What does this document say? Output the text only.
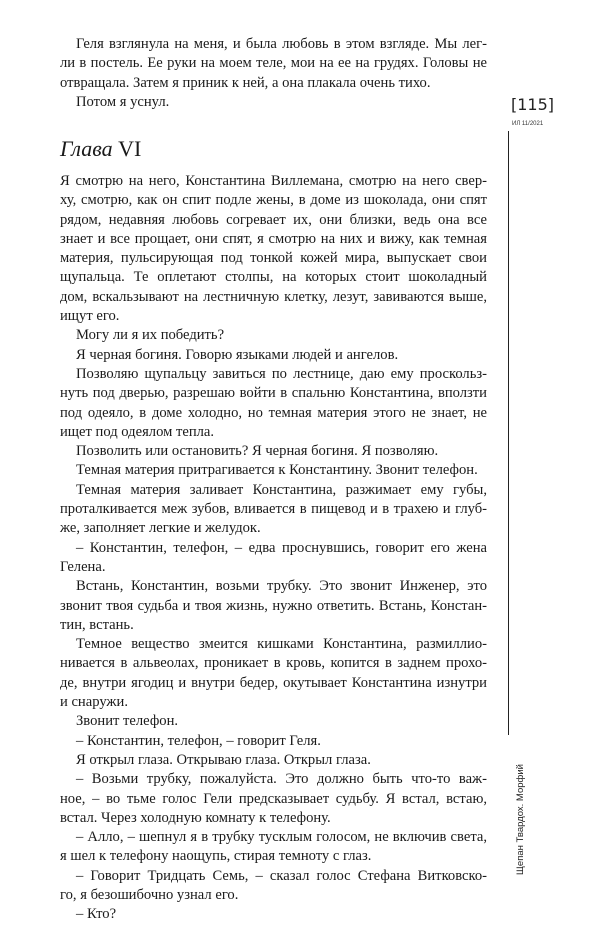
Геля взглянула на меня, и была любовь в этом взгляде. Мы лег-
ли в постель. Ее руки на моем теле, мои на ее на грудях. Головы не
отвращала. Затем я приник к ней, а она плакала очень тихо.
Потом я уснул.
Глава VI
Я смотрю на него, Константина Виллемана, смотрю на него свер-
ху, смотрю, как он спит подле жены, в доме из шоколада, они спят
рядом, недавняя любовь согревает их, они близки, ведь она все
знает и все прощает, они спят, я смотрю на них и вижу, как темная
материя, пульсирующая под тонкой кожей мира, выпускает свои
щупальца. Те оплетают столпы, на которых стоит шоколадный
дом, вскальзывают на лестничную клетку, лезут, завиваются выше,
ищут его.
Могу ли я их победить?
Я черная богиня. Говорю языками людей и ангелов.
Позволяю щупальцу завиться по лестнице, даю ему проскольз-
нуть под дверью, разрешаю войти в спальню Константина, вползти
под одеяло, в доме холодно, но темная материя этого не знает, не
ищет под одеялом тепла.
Позволить или остановить? Я черная богиня. Я позволяю.
Темная материя притрагивается к Константину. Звонит телефон.
Темная материя заливает Константина, разжимает ему губы,
проталкивается меж зубов, вливается в пищевод и в трахею и глуб-
же, заполняет легкие и желудок.
– Константин, телефон, – едва проснувшись, говорит его жена
Гелена.
Встань, Константин, возьми трубку. Это звонит Инженер, это
звонит твоя судьба и твоя жизнь, нужно ответить. Встань, Констан-
тин, встань.
Темное вещество змеится кишками Константина, размиллио-
нивается в альвеолах, проникает в кровь, копится в заднем прохо-
де, внутри ягодиц и внутри бедер, окутывает Константина изнутри
и снаружи.
Звонит телефон.
– Константин, телефон, – говорит Геля.
Я открыл глаза. Открываю глаза. Открыл глаза.
– Возьми трубку, пожалуйста. Это должно быть что-то важ-
ное, – во тьме голос Гели предсказывает судьбу. Я встал, встаю,
встал. Через холодную комнату к телефону.
– Алло, – шепнул я в трубку тусклым голосом, не включив света,
я шел к телефону наощупь, стирая темноту с глаз.
– Говорит Тридцать Семь, – сказал голос Стефана Витковско-
го, я безошибочно узнал его.
– Кто?
[115]
ИЛ 11/2021
Щепан Твардох. Морфий
